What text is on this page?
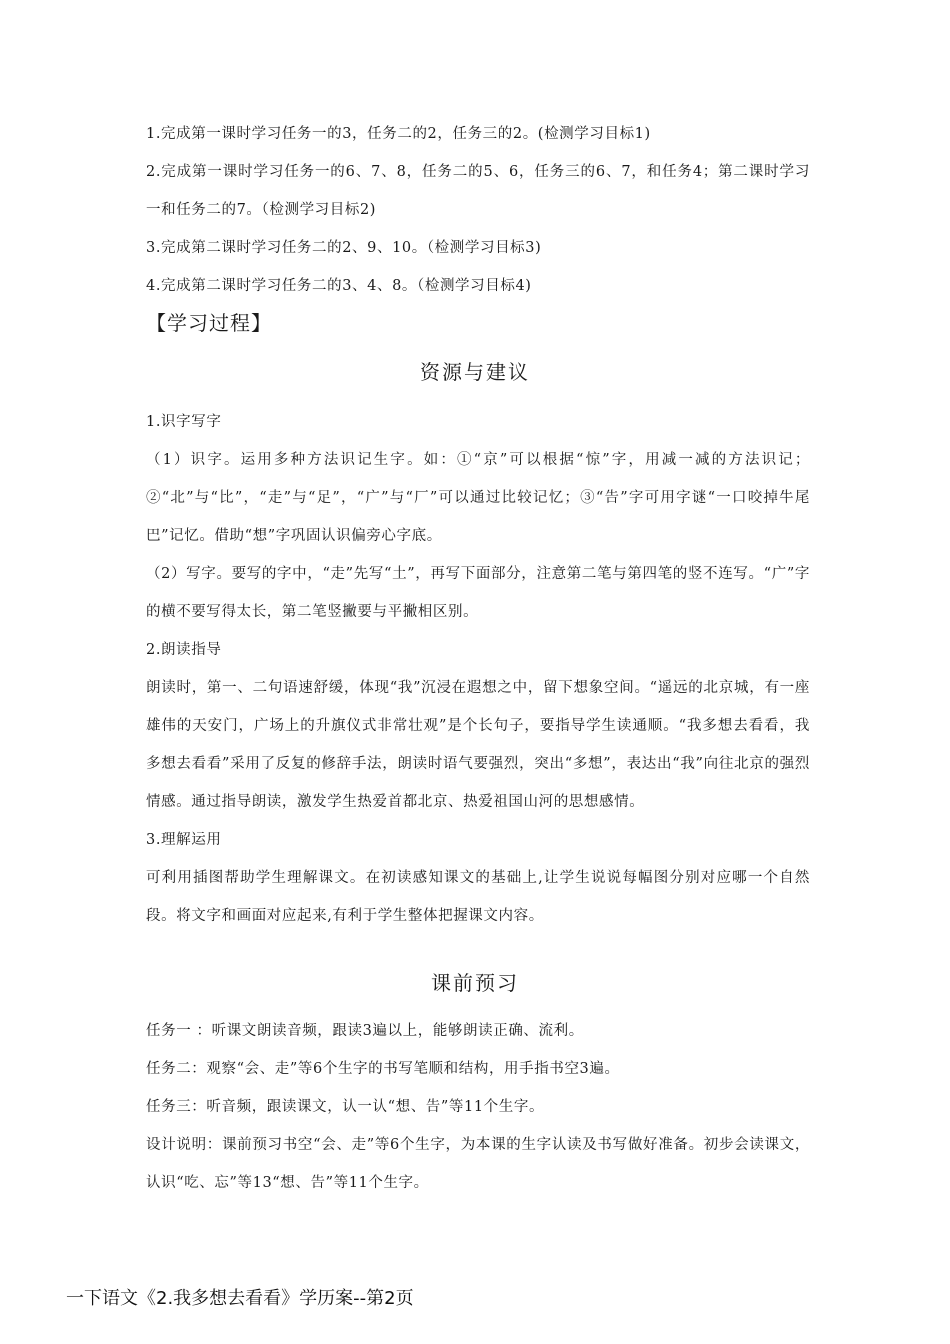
1.完成第一课时学习任务一的3，任务二的2，任务三的2。(检测学习目标1)

2.完成第一课时学习任务一的6、7、8，任务二的5、6，任务三的6、7，和任务4；第二课时学习一和任务二的7。（检测学习目标2)

3.完成第二课时学习任务二的2、9、10。（检测学习目标3)

4.完成第二课时学习任务二的3、4、8。（检测学习目标4)

【学习过程】

资源与建议

1.识字写字

（1）识字。运用多种方法识记生字。如：①“京”可以根据“惊”字，用减一减的方法识记；②“北”与“比”，“走”与“足”，“广”与“厂”可以通过比较记忆；③“告”字可用字谜“一口咬掉牛尾巴”记忆。借助“想”字巩固认识偏旁心字底。

（2）写字。要写的字中，“走”先写“土”，再写下面部分，注意第二笔与第四笔的竖不连写。“广”字的横不要写得太长，第二笔竖撇要与平撇相区别。

2.朗读指导

朗读时，第一、二句语速舒缓，体现“我”沉浸在遐想之中，留下想象空间。“遥远的北京城，有一座雄伟的天安门，广场上的升旗仪式非常壮观”是个长句子，要指导学生读通顺。“我多想去看看，我多想去看看”采用了反复的修辞手法，朗读时语气要强烈，突出“多想”，表达出“我”向往北京的强烈情感。通过指导朗读，激发学生热爱首都北京、热爱祖国山河的思想感情。

3.理解运用

可利用插图帮助学生理解课文。在初读感知课文的基础上,让学生说说每幅图分别对应哪一个自然段。将文字和画面对应起来,有利于学生整体把握课文内容。

课前预习

任务一 ：听课文朗读音频，跟读3遍以上，能够朗读正确、流利。

任务二：观察“会、走”等6个生字的书写笔顺和结构，用手指书空3遍。

任务三：听音频，跟读课文，认一认“想、告”等11个生字。

设计说明：课前预习书空“会、走”等6个生字，为本课的生字认读及书写做好准备。初步会读课文，认识“吃、忘”等13“想、告”等11个生字。

一下语文《2.我多想去看看》学历案--第2页
